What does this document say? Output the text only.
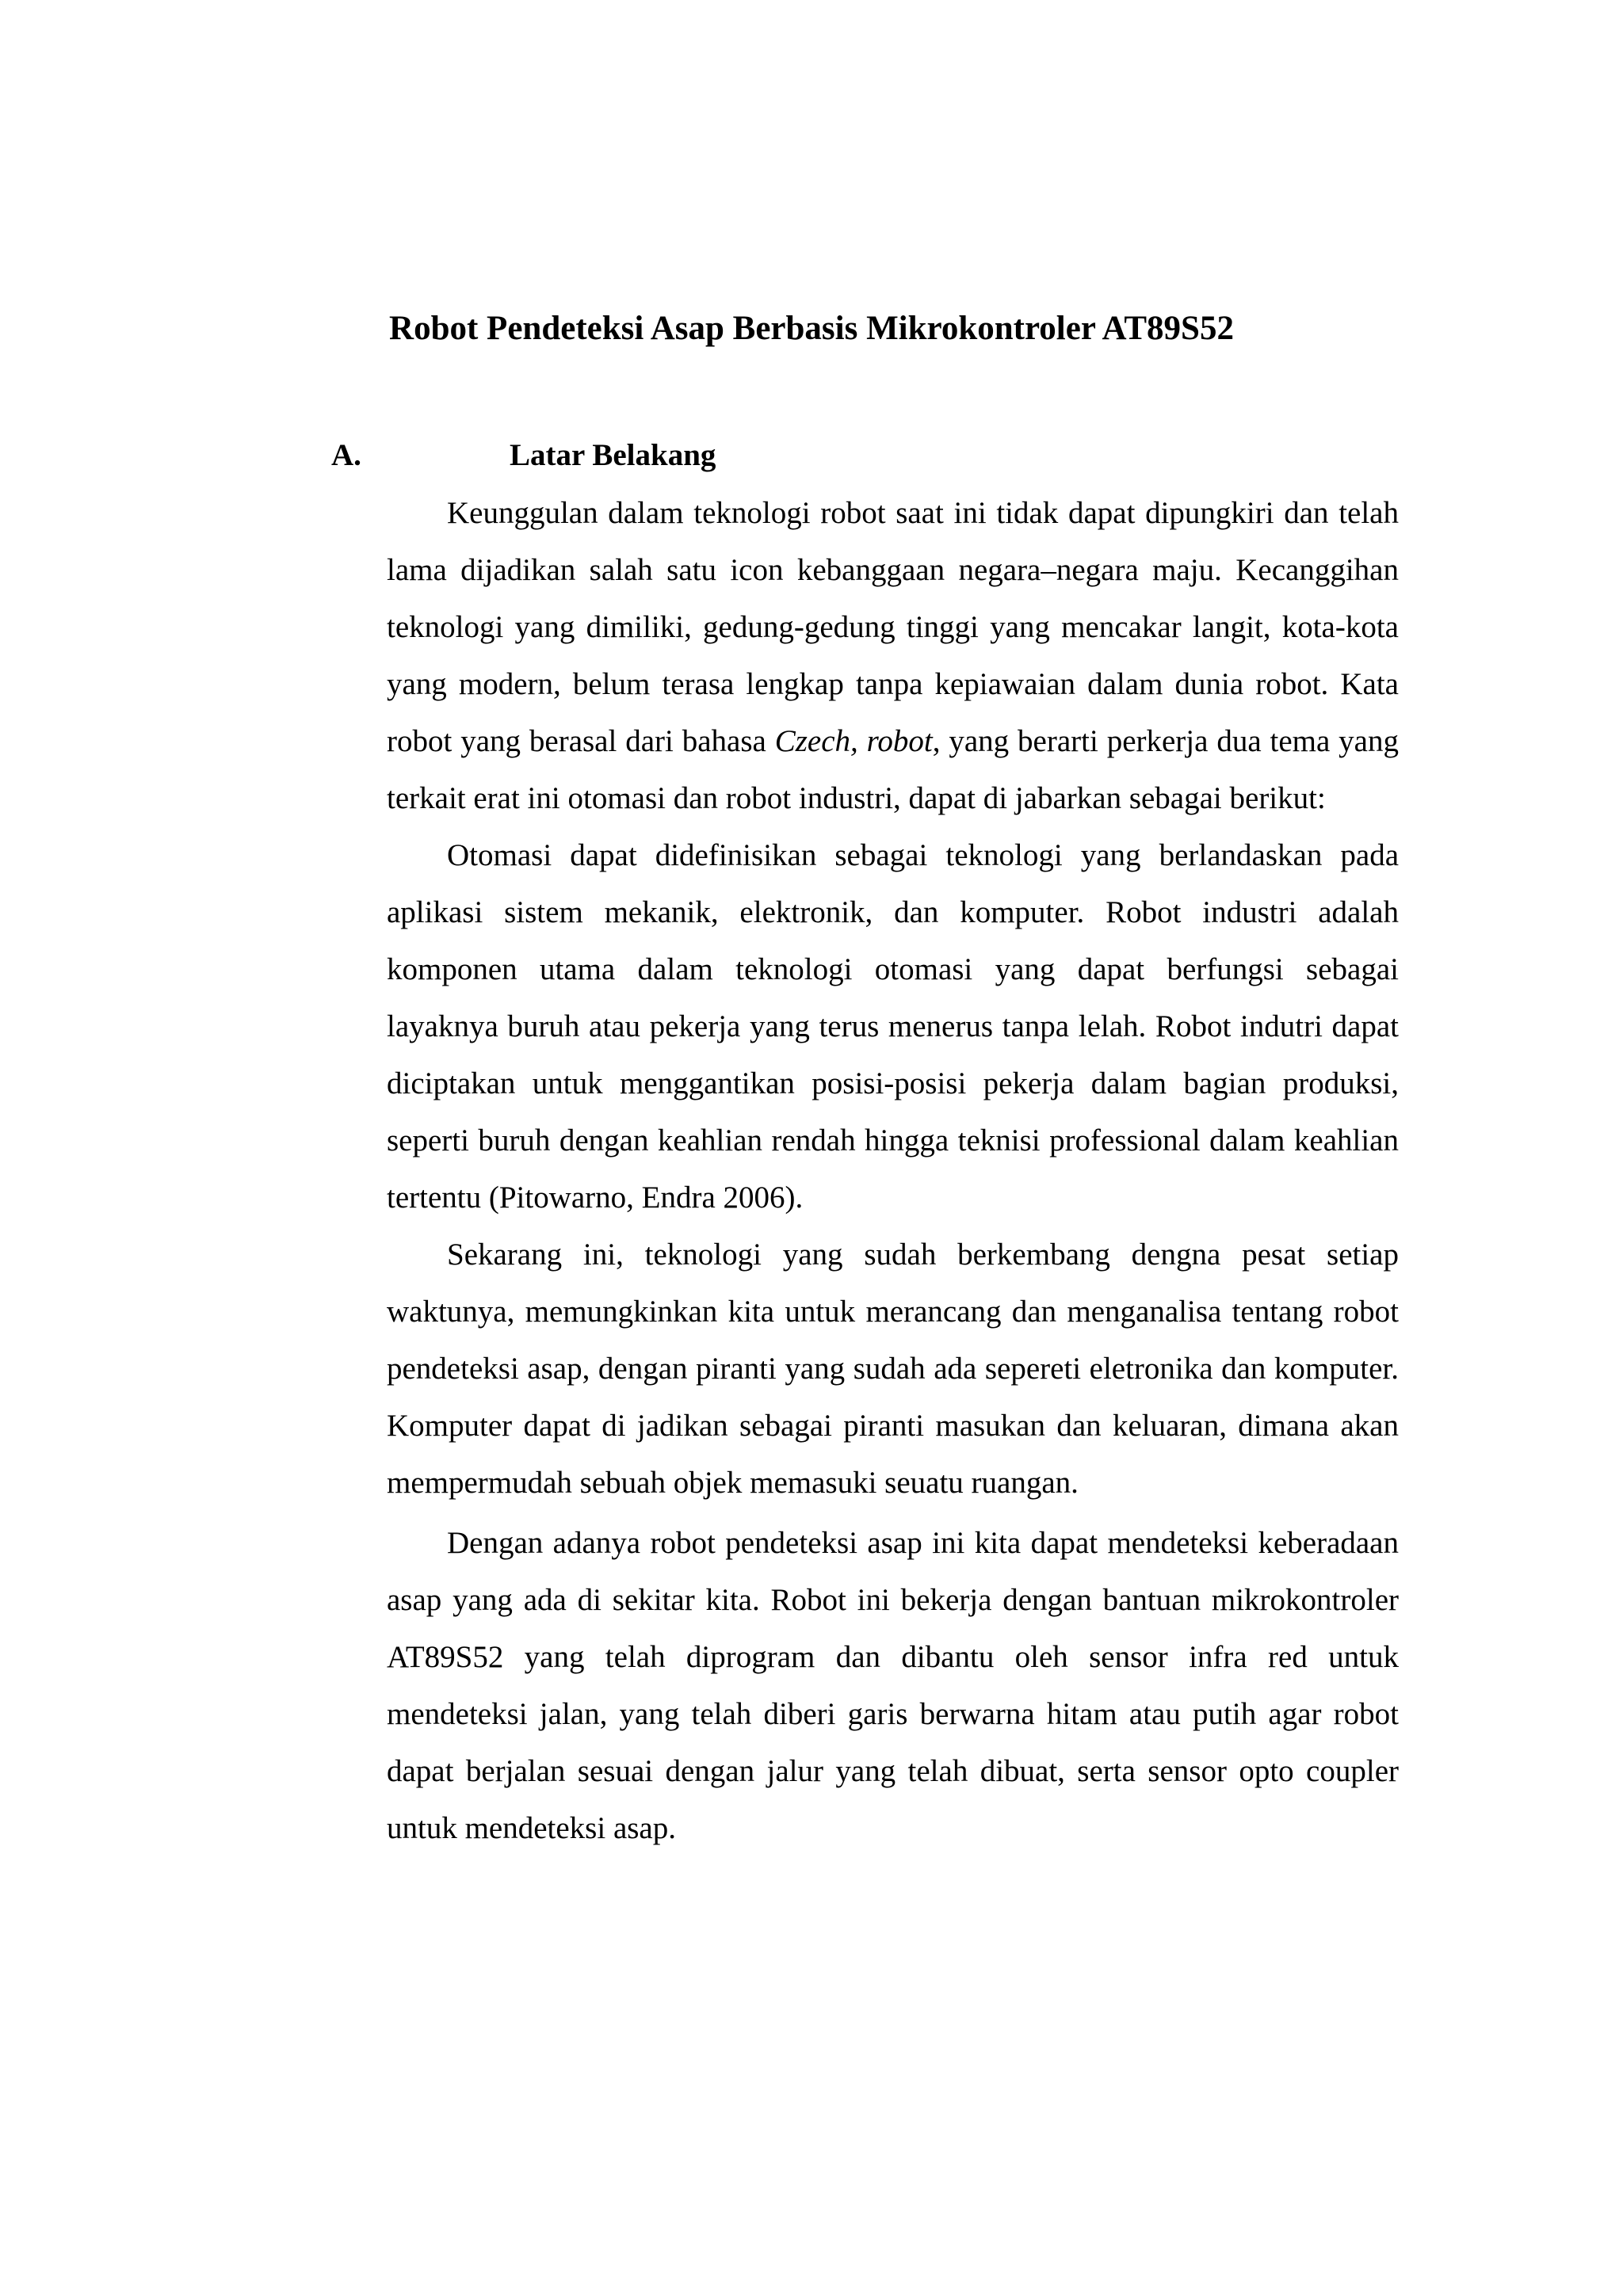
Robot Pendeteksi Asap Berbasis Mikrokontroler AT89S52
A.	Latar Belakang

Keunggulan dalam teknologi robot saat ini tidak dapat dipungkiri dan telah lama dijadikan salah satu icon kebanggaan negara–negara maju. Kecanggihan teknologi yang dimiliki, gedung-gedung tinggi yang mencakar langit, kota-kota yang modern, belum terasa lengkap tanpa kepiawaian dalam dunia robot. Kata robot yang berasal dari bahasa Czech, robot, yang berarti perkerja dua tema yang terkait erat ini otomasi dan robot industri, dapat di jabarkan sebagai berikut:

Otomasi dapat didefinisikan sebagai teknologi yang berlandaskan pada aplikasi sistem mekanik, elektronik, dan komputer. Robot industri adalah komponen utama dalam teknologi otomasi yang dapat berfungsi sebagai layaknya buruh atau pekerja yang terus menerus tanpa lelah. Robot indutri dapat diciptakan untuk menggantikan posisi-posisi pekerja dalam bagian produksi, seperti buruh dengan keahlian rendah hingga teknisi professional dalam keahlian tertentu (Pitowarno, Endra 2006).

Sekarang ini, teknologi yang sudah berkembang dengna pesat setiap waktunya, memungkinkan kita untuk merancang dan menganalisa tentang robot pendeteksi asap, dengan piranti yang sudah ada sepereti eletronika dan komputer. Komputer dapat di jadikan sebagai piranti masukan dan keluaran, dimana akan mempermudah sebuah objek memasuki seuatu ruangan.

Dengan adanya robot pendeteksi asap ini kita dapat mendeteksi keberadaan asap yang ada di sekitar kita. Robot ini bekerja dengan bantuan mikrokontroler AT89S52 yang telah diprogram dan dibantu oleh sensor infra red untuk mendeteksi jalan, yang telah diberi garis berwarna hitam atau putih agar robot dapat berjalan sesuai dengan jalur yang telah dibuat, serta sensor opto coupler untuk mendeteksi asap.
